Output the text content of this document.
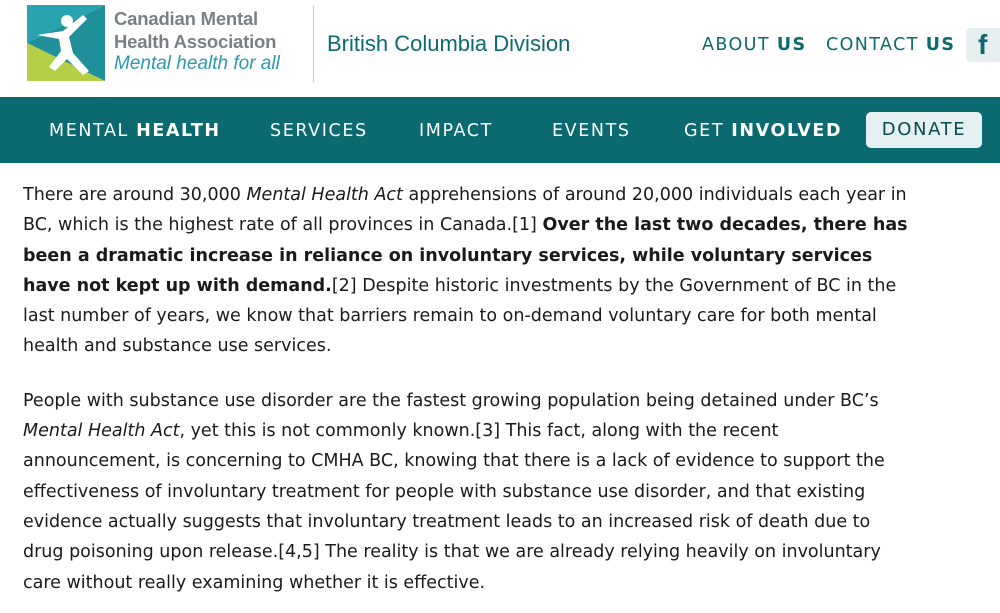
Canadian Mental
Health Association
Mental health for all
British Columbia Division	ABOUT US CONTACT US f
MENTAL HEALTH	SERVICES	IMPACT	EVENTS	GET INVOLVED	DONATE

There are around 30,000 Mental Health Act apprehensions of around 20,000 individuals each year in BC, which is the highest rate of all provinces in Canada.[1] Over the last two decades, there has been a dramatic increase in reliance on involuntary services, while voluntary services have not kept up with demand.[2] Despite historic investments by the Government of BC in the last number of years, we know that barriers remain to on-demand voluntary care for both mental health and substance use services.

People with substance use disorder are the fastest growing population being detained under BC’s Mental Health Act, yet this is not commonly known.[3] This fact, along with the recent announcement, is concerning to CMHA BC, knowing that there is a lack of evidence to support the effectiveness of involuntary treatment for people with substance use disorder, and that existing evidence actually suggests that involuntary treatment leads to an increased risk of death due to drug poisoning upon release.[4,5] The reality is that we are already relying heavily on involuntary care without really examining whether it is effective.
